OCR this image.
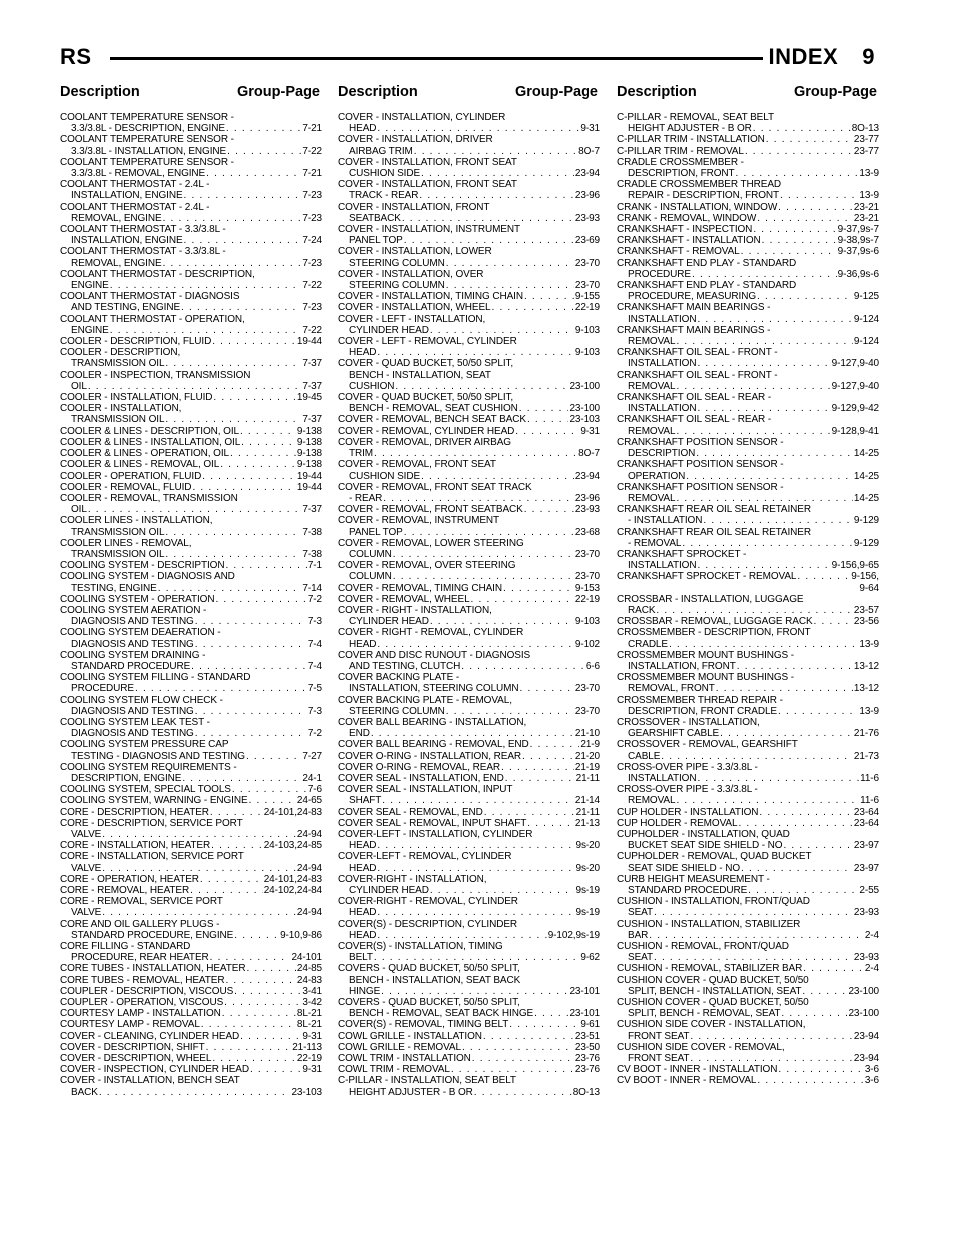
RS	INDEX 9
Description	Group-Page Description	Group-Page Description	Group-Page
COOLANT TEMPERATURE SENSOR -
3.3/3.8L - DESCRIPTION, ENGINE . . .	7-21
COOLANT TEMPERATURE SENSOR -
3.3/3.8L - INSTALLATION, ENGINE . . .	7-22
COOLANT TEMPERATURE SENSOR -
3.3/3.8L - REMOVAL, ENGINE . . .	7-21
COOLANT THERMOSTAT - 2.4L -
INSTALLATION, ENGINE . . .	7-23
COOLANT THERMOSTAT - 2.4L -
REMOVAL, ENGINE . . .	7-23
COOLANT THERMOSTAT - 3.3/3.8L -
INSTALLATION, ENGINE . . .	7-24
COOLANT THERMOSTAT - 3.3/3.8L -
REMOVAL, ENGINE . . .	7-23
COOLANT THERMOSTAT - DESCRIPTION,
ENGINE . . .	7-22
COOLANT THERMOSTAT - DIAGNOSIS
AND TESTING, ENGINE . . .	7-23
COOLANT THERMOSTAT - OPERATION,
ENGINE . . .	7-22
COOLER - DESCRIPTION, FLUID . . .	19-44
COOLER - DESCRIPTION,
TRANSMISSION OIL . . .	7-37
COOLER - INSPECTION, TRANSMISSION
OIL . . .	7-37
COOLER - INSTALLATION, FLUID . . .	19-45
COOLER - INSTALLATION,
TRANSMISSION OIL . . .	7-37
COOLER & LINES - DESCRIPTION, OIL . . .	9-138
COOLER & LINES - INSTALLATION, OIL . . .	9-138
COOLER & LINES - OPERATION, OIL . . .	9-138
COOLER & LINES - REMOVAL, OIL . . .	9-138
COOLER - OPERATION, FLUID . . .	19-44
COOLER - REMOVAL, FLUID . . .	19-44
COOLER - REMOVAL, TRANSMISSION
OIL . . .	7-37
COOLER LINES - INSTALLATION,
TRANSMISSION OIL . . .	7-38
COOLER LINES - REMOVAL,
TRANSMISSION OIL . . .	7-38
COOLING SYSTEM - DESCRIPTION . . .	7-1
COOLING SYSTEM - DIAGNOSIS AND
TESTING, ENGINE . . .	7-14
COOLING SYSTEM - OPERATION . . .	7-2
COOLING SYSTEM AERATION -
DIAGNOSIS AND TESTING . . .	7-3
COOLING SYSTEM DEAERATION -
DIAGNOSIS AND TESTING . . .	7-4
COOLING SYSTEM DRAINING -
STANDARD PROCEDURE . . .	7-4
COOLING SYSTEM FILLING - STANDARD
PROCEDURE . . .	7-5
COOLING SYSTEM FLOW CHECK -
DIAGNOSIS AND TESTING . . .	7-3
COOLING SYSTEM LEAK TEST -
DIAGNOSIS AND TESTING . . .	7-2
COOLING SYSTEM PRESSURE CAP
TESTING - DIAGNOSIS AND TESTING . . .	7-27
COOLING SYSTEM REQUIREMENTS -
DESCRIPTION, ENGINE . . .	24-1
COOLING SYSTEM, SPECIAL TOOLS . . .	7-6
COOLING SYSTEM, WARNING - ENGINE . . .	24-65
CORE - DESCRIPTION, HEATER . . .	24-101,24-83
CORE - DESCRIPTION, SERVICE PORT
VALVE . . .	24-94
CORE - INSTALLATION, HEATER . . .	24-103,24-85
CORE - INSTALLATION, SERVICE PORT
VALVE . . .	24-94
CORE - OPERATION, HEATER . . .	24-101,24-83
CORE - REMOVAL, HEATER . . .	24-102,24-84
CORE - REMOVAL, SERVICE PORT
VALVE . . .	24-94
CORE AND OIL GALLERY PLUGS -
STANDARD PROCEDURE, ENGINE . . .	9-10,9-86
CORE FILLING - STANDARD
PROCEDURE, REAR HEATER . . .	24-101
CORE TUBES - INSTALLATION, HEATER . . .	24-85
CORE TUBES - REMOVAL, HEATER . . .	24-83
COUPLER - DESCRIPTION, VISCOUS . . .	3-41
COUPLER - OPERATION, VISCOUS . . .	3-42
COURTESY LAMP - INSTALLATION . . .	8L-21
COURTESY LAMP - REMOVAL . . .	8L-21
COVER - CLEANING, CYLINDER HEAD . . .	9-31
COVER - DESCRIPTION, SHIFT . . .	21-113
COVER - DESCRIPTION, WHEEL . . .	22-19
COVER - INSPECTION, CYLINDER HEAD . . .	9-31
COVER - INSTALLATION, BENCH SEAT
BACK . . .	23-103
COVER - INSTALLATION, CYLINDER
HEAD . . .	9-31
COVER - INSTALLATION, DRIVER
AIRBAG TRIM . . .	8O-7
COVER - INSTALLATION, FRONT SEAT
CUSHION SIDE . . .	23-94
COVER - INSTALLATION, FRONT SEAT
TRACK - REAR . . .	23-96
COVER - INSTALLATION, FRONT
SEATBACK . . .	23-93
COVER - INSTALLATION, INSTRUMENT
PANEL TOP . . .	23-69
COVER - INSTALLATION, LOWER
STEERING COLUMN . . .	23-70
COVER - INSTALLATION, OVER
STEERING COLUMN . . .	23-70
COVER - INSTALLATION, TIMING CHAIN . . .	9-155
COVER - INSTALLATION, WHEEL . . .	22-19
COVER - LEFT - INSTALLATION,
CYLINDER HEAD . . .	9-103
COVER - LEFT - REMOVAL, CYLINDER
HEAD . . .	9-103
COVER - QUAD BUCKET, 50/50 SPLIT,
BENCH - INSTALLATION, SEAT
CUSHION . . .	23-100
COVER - QUAD BUCKET, 50/50 SPLIT,
BENCH - REMOVAL, SEAT CUSHION . . .	23-100
COVER - REMOVAL, BENCH SEAT BACK . . .	23-103
COVER - REMOVAL, CYLINDER HEAD . . .	9-31
COVER - REMOVAL, DRIVER AIRBAG
TRIM . . .	8O-7
COVER - REMOVAL, FRONT SEAT
CUSHION SIDE . . .	23-94
COVER - REMOVAL, FRONT SEAT TRACK
- REAR . . .	23-96
COVER - REMOVAL, FRONT SEATBACK . . .	23-93
COVER - REMOVAL, INSTRUMENT
PANEL TOP . . .	23-68
COVER - REMOVAL, LOWER STEERING
COLUMN . . .	23-70
COVER - REMOVAL, OVER STEERING
COLUMN . . .	23-70
COVER - REMOVAL, TIMING CHAIN . . .	9-153
COVER - REMOVAL, WHEEL . . .	22-19
COVER - RIGHT - INSTALLATION,
CYLINDER HEAD . . .	9-103
COVER - RIGHT - REMOVAL, CYLINDER
HEAD . . .	9-102
COVER AND DISC RUNOUT - DIAGNOSIS
AND TESTING, CLUTCH . . .	6-6
COVER BACKING PLATE -
INSTALLATION, STEERING COLUMN . . .	23-70
COVER BACKING PLATE - REMOVAL,
STEERING COLUMN . . .	23-70
COVER BALL BEARING - INSTALLATION,
END . . .	21-10
COVER BALL BEARING - REMOVAL, END . . .	21-9
COVER O-RING - INSTALLATION, REAR . . .	21-20
COVER O-RING - REMOVAL, REAR . . .	21-19
COVER SEAL - INSTALLATION, END . . .	21-11
COVER SEAL - INSTALLATION, INPUT
SHAFT . . .	21-14
COVER SEAL - REMOVAL, END . . .	21-11
COVER SEAL - REMOVAL, INPUT SHAFT . . .	21-13
COVER-LEFT - INSTALLATION, CYLINDER
HEAD . . .	9s-20
COVER-LEFT - REMOVAL, CYLINDER
HEAD . . .	9s-20
COVER-RIGHT - INSTALLATION,
CYLINDER HEAD . . .	9s-19
COVER-RIGHT - REMOVAL, CYLINDER
HEAD . . .	9s-19
COVER(S) - DESCRIPTION, CYLINDER
HEAD . . .	9-102,9s-19
COVER(S) - INSTALLATION, TIMING
BELT . . .	9-62
COVERS - QUAD BUCKET, 50/50 SPLIT,
BENCH - INSTALLATION, SEAT BACK
HINGE . . .	23-101
COVERS - QUAD BUCKET, 50/50 SPLIT,
BENCH - REMOVAL, SEAT BACK HINGE . . .	23-101
COVER(S) - REMOVAL, TIMING BELT . . .	9-61
COWL GRILLE - INSTALLATION . . .	23-51
COWL GRILLE - REMOVAL . . .	23-50
COWL TRIM - INSTALLATION . . .	23-76
COWL TRIM - REMOVAL . . .	23-76
C-PILLAR - INSTALLATION, SEAT BELT
HEIGHT ADJUSTER - B OR . . .	8O-13
C-PILLAR - REMOVAL, SEAT BELT
HEIGHT ADJUSTER - B OR . . .	8O-13
C-PILLAR TRIM - INSTALLATION . . .	23-77
C-PILLAR TRIM - REMOVAL . . .	23-77
CRADLE CROSSMEMBER -
DESCRIPTION, FRONT . . .	13-9
CRADLE CROSSMEMBER THREAD
REPAIR - DESCRIPTION, FRONT . . .	13-9
CRANK - INSTALLATION, WINDOW . . .	23-21
CRANK - REMOVAL, WINDOW . . .	23-21
CRANKSHAFT - INSPECTION . . .	9-37,9s-7
CRANKSHAFT - INSTALLATION . . .	9-38,9s-7
CRANKSHAFT - REMOVAL . . .	9-37,9s-6
CRANKSHAFT END PLAY - STANDARD
PROCEDURE . . .	9-36,9s-6
CRANKSHAFT END PLAY - STANDARD
PROCEDURE, MEASURING . . .	9-125
CRANKSHAFT MAIN BEARINGS -
INSTALLATION . . .	9-124
CRANKSHAFT MAIN BEARINGS -
REMOVAL . . .	9-124
CRANKSHAFT OIL SEAL - FRONT -
INSTALLATION . . .	9-127,9-40
CRANKSHAFT OIL SEAL - FRONT -
REMOVAL . . .	9-127,9-40
CRANKSHAFT OIL SEAL - REAR -
INSTALLATION . . .	9-129,9-42
CRANKSHAFT OIL SEAL - REAR -
REMOVAL . . .	9-128,9-41
CRANKSHAFT POSITION SENSOR -
DESCRIPTION . . .	14-25
CRANKSHAFT POSITION SENSOR -
OPERATION . . .	14-25
CRANKSHAFT POSITION SENSOR -
REMOVAL . . .	14-25
CRANKSHAFT REAR OIL SEAL RETAINER
- INSTALLATION . . .	9-129
CRANKSHAFT REAR OIL SEAL RETAINER
- REMOVAL . . .	9-129
CRANKSHAFT SPROCKET -
INSTALLATION . . .	9-156,9-65
CRANKSHAFT SPROCKET - REMOVAL . . .	9-156,
9-64
CROSSBAR - INSTALLATION, LUGGAGE
RACK . . .	23-57
CROSSBAR - REMOVAL, LUGGAGE RACK . . .	23-56
CROSSMEMBER - DESCRIPTION, FRONT
CRADLE . . .	13-9
CROSSMEMBER MOUNT BUSHINGS -
INSTALLATION, FRONT . . .	13-12
CROSSMEMBER MOUNT BUSHINGS -
REMOVAL, FRONT . . .	13-12
CROSSMEMBER THREAD REPAIR -
DESCRIPTION, FRONT CRADLE . . .	13-9
CROSSOVER - INSTALLATION,
GEARSHIFT CABLE . . .	21-76
CROSSOVER - REMOVAL, GEARSHIFT
CABLE . . .	21-73
CROSS-OVER PIPE - 3.3/3.8L -
INSTALLATION . . .	11-6
CROSS-OVER PIPE - 3.3/3.8L -
REMOVAL . . .	11-6
CUP HOLDER - INSTALLATION . . .	23-64
CUP HOLDER - REMOVAL . . .	23-64
CUPHOLDER - INSTALLATION, QUAD
BUCKET SEAT SIDE SHIELD - NO . . .	23-97
CUPHOLDER - REMOVAL, QUAD BUCKET
SEAT SIDE SHIELD - NO . . .	23-97
CURB HEIGHT MEASUREMENT -
STANDARD PROCEDURE . . .	2-55
CUSHION - INSTALLATION, FRONT/QUAD
SEAT . . .	23-93
CUSHION - INSTALLATION, STABILIZER
BAR . . .	2-4
CUSHION - REMOVAL, FRONT/QUAD
SEAT . . .	23-93
CUSHION - REMOVAL, STABILIZER BAR . . .	2-4
CUSHION COVER - QUAD BUCKET, 50/50
SPLIT, BENCH - INSTALLATION, SEAT . . .	23-100
CUSHION COVER - QUAD BUCKET, 50/50
SPLIT, BENCH - REMOVAL, SEAT . . .	23-100
CUSHION SIDE COVER - INSTALLATION,
FRONT SEAT . . .	23-94
CUSHION SIDE COVER - REMOVAL,
FRONT SEAT . . .	23-94
CV BOOT - INNER - INSTALLATION . . .	3-6
CV BOOT - INNER - REMOVAL . . .	3-6
